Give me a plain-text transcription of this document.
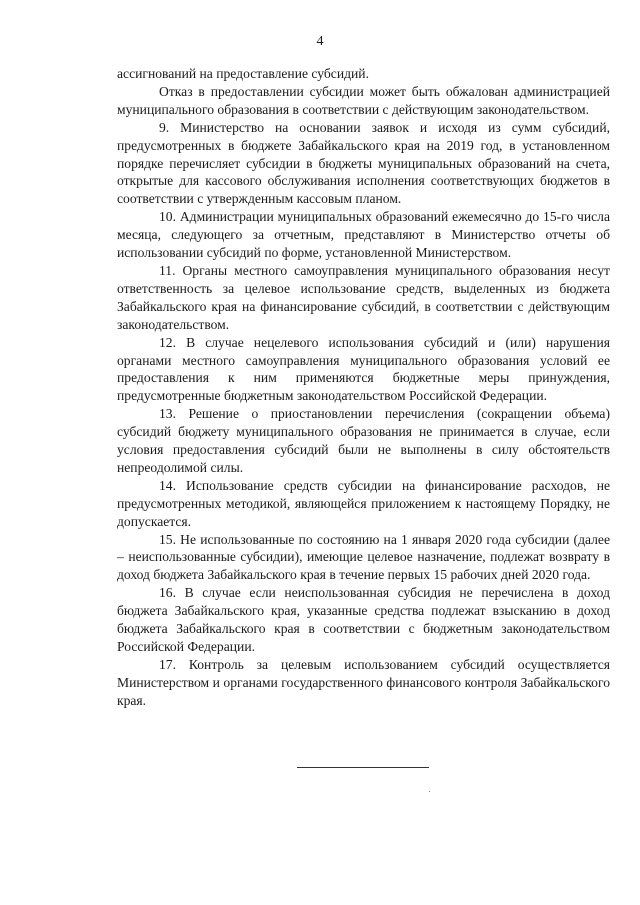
4

ассигнований на предоставление субсидий.

Отказ в предоставлении субсидии может быть обжалован администрацией муниципального образования в соответствии с действующим законодательством.

9. Министерство на основании заявок и исходя из сумм субсидий, предусмотренных в бюджете Забайкальского края на 2019 год, в установленном порядке перечисляет субсидии в бюджеты муниципальных образований на счета, открытые для кассового обслуживания исполнения соответствующих бюджетов в соответствии с утвержденным кассовым планом.

10. Администрации муниципальных образований ежемесячно до 15-го числа месяца, следующего за отчетным, представляют в Министерство отчеты об использовании субсидий по форме, установленной Министерством.

11. Органы местного самоуправления муниципального образования несут ответственность за целевое использование средств, выделенных из бюджета Забайкальского края на финансирование субсидий, в соответствии с действующим законодательством.

12. В случае нецелевого использования субсидий и (или) нарушения органами местного самоуправления муниципального образования условий ее предоставления к ним применяются бюджетные меры принуждения, предусмотренные бюджетным законодательством Российской Федерации.

13. Решение о приостановлении перечисления (сокращении объема) субсидий бюджету муниципального образования не принимается в случае, если условия предоставления субсидий были не выполнены в силу обстоятельств непреодолимой силы.

14. Использование средств субсидии на финансирование расходов, не предусмотренных методикой, являющейся приложением к настоящему Порядку, не допускается.

15. Не использованные по состоянию на 1 января 2020 года субсидии (далее – неиспользованные субсидии), имеющие целевое назначение, подлежат возврату в доход бюджета Забайкальского края в течение первых 15 рабочих дней 2020 года.

16. В случае если неиспользованная субсидия не перечислена в доход бюджета Забайкальского края, указанные средства подлежат взысканию в доход бюджета Забайкальского края в соответствии с бюджетным законодательством Российской Федерации.

17. Контроль за целевым использованием субсидий осуществляется Министерством и органами государственного финансового контроля Забайкальского края.
